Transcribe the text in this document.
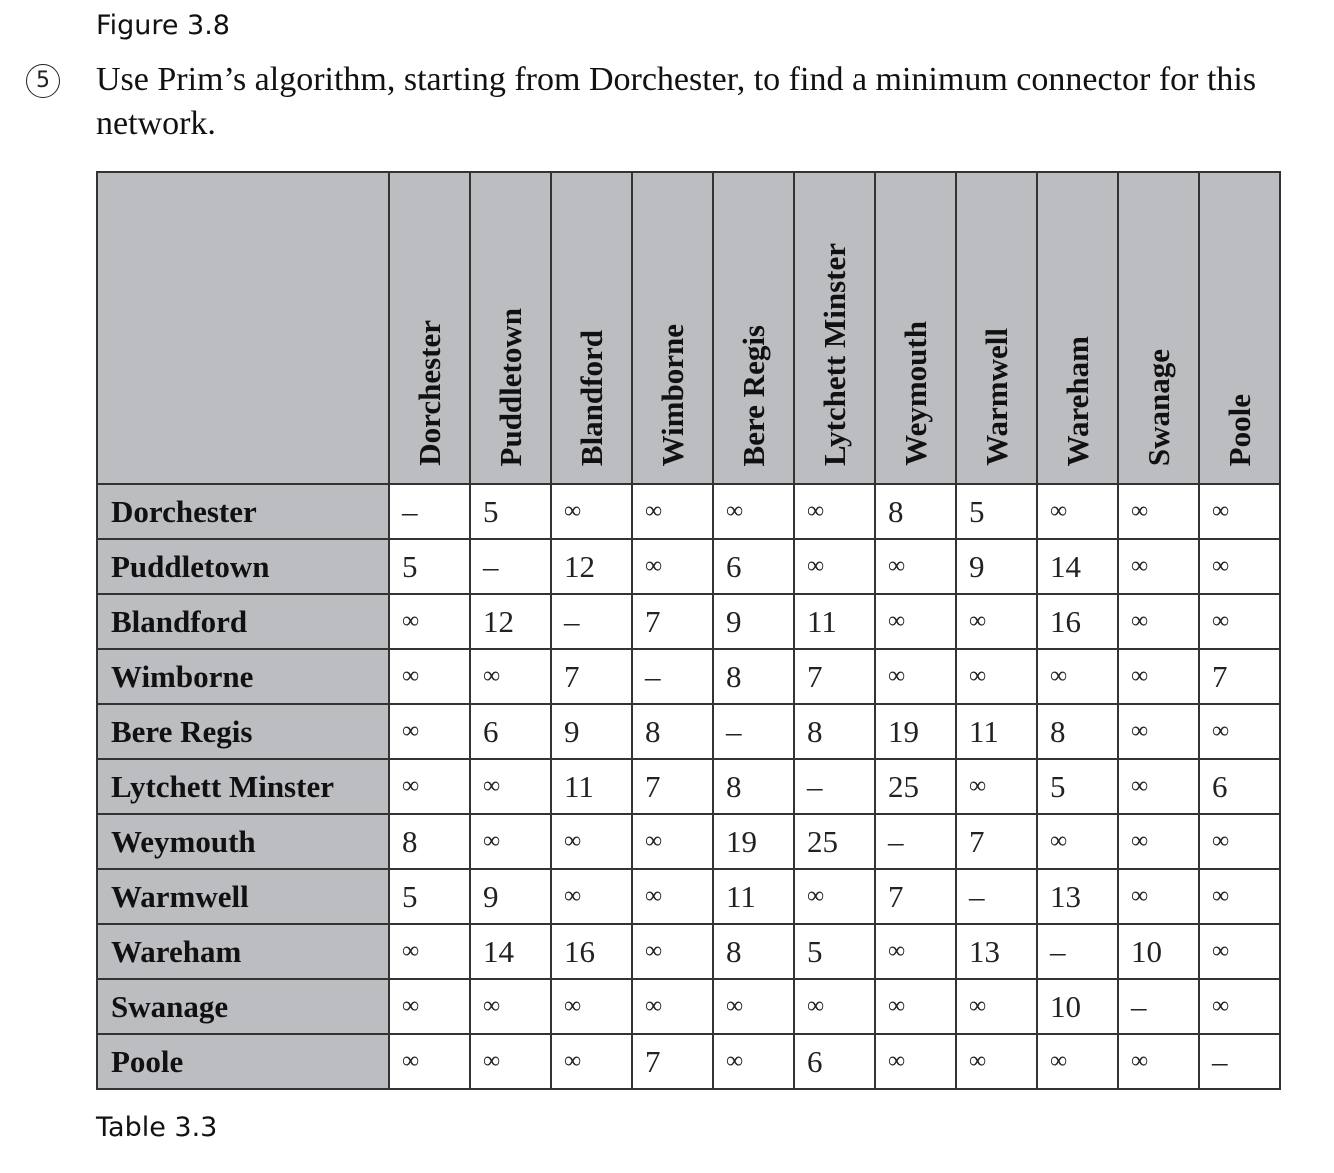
Figure 3.8
5 Use Prim’s algorithm, starting from Dorchester, to find a minimum connector for this network.

	Dorchester	Puddletown	Blandford	Wimborne	Bere Regis	Lytchett Minster	Weymouth	Warmwell	Wareham	Swanage	Poole
Dorchester	–	5	∞	∞	∞	∞	8	5	∞	∞	∞
Puddletown	5	–	12	∞	6	∞	∞	9	14	∞	∞
Blandford	∞	12	–	7	9	11	∞	∞	16	∞	∞
Wimborne	∞	∞	7	–	8	7	∞	∞	∞	∞	7
Bere Regis	∞	6	9	8	–	8	19	11	8	∞	∞
Lytchett Minster	∞	∞	11	7	8	–	25	∞	5	∞	6
Weymouth	8	∞	∞	∞	19	25	–	7	∞	∞	∞
Warmwell	5	9	∞	∞	11	∞	7	–	13	∞	∞
Wareham	∞	14	16	∞	8	5	∞	13	–	10	∞
Swanage	∞	∞	∞	∞	∞	∞	∞	∞	10	–	∞
Poole	∞	∞	∞	7	∞	6	∞	∞	∞	∞	–
Table 3.3
